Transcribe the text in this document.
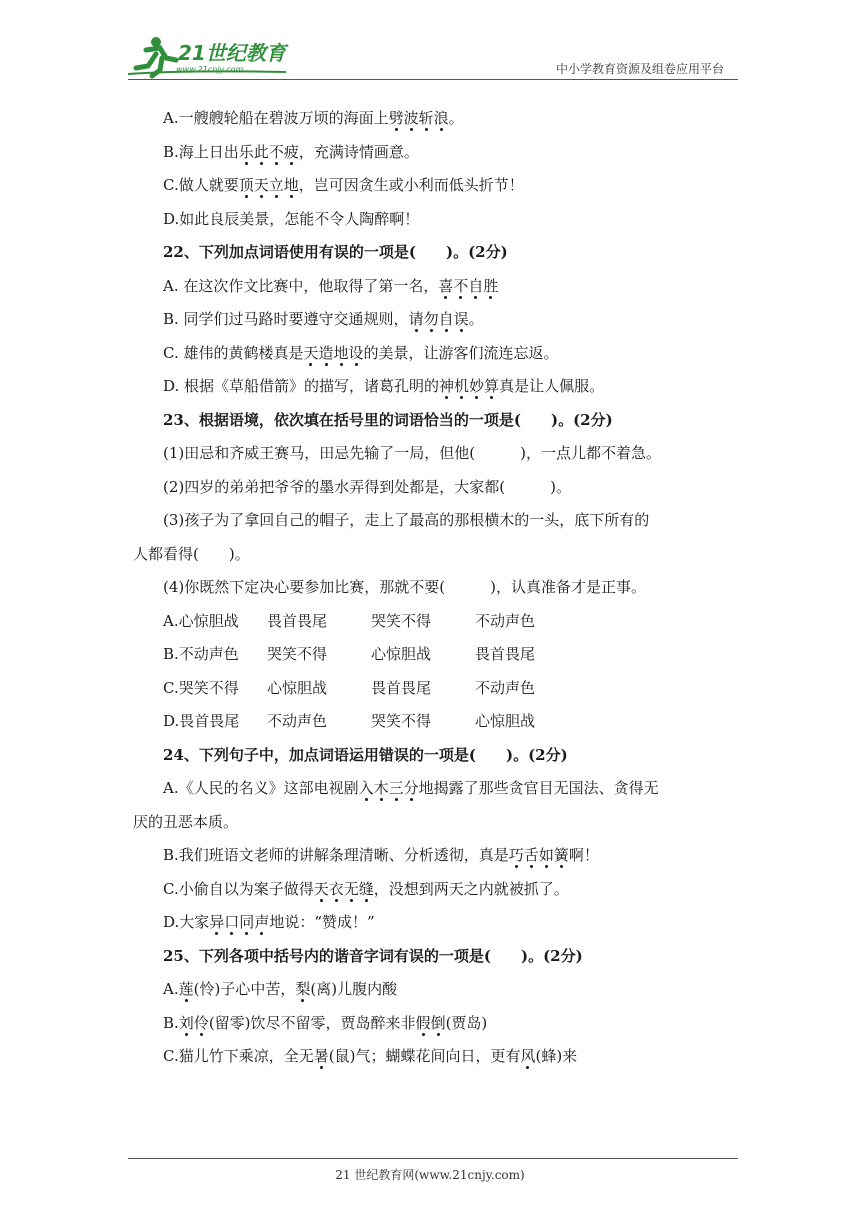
21世纪教育
www.21cnjy.com	中小学教育资源及组卷应用平台
A.一艘艘轮船在碧波万顷的海面上劈波斩浪。
B.海上日出乐此不疲，充满诗情画意。
C.做人就要顶天立地，岂可因贪生或小利而低头折节！
D.如此良辰美景，怎能不令人陶醉啊！
22、下列加点词语使用有误的一项是(　　)。(2分)
A. 在这次作文比赛中，他取得了第一名，喜不自胜
B. 同学们过马路时要遵守交通规则，请勿自误。
C. 雄伟的黄鹤楼真是天造地设的美景，让游客们流连忘返。
D. 根据《草船借箭》的描写，诸葛孔明的神机妙算真是让人佩服。
23、根据语境，依次填在括号里的词语恰当的一项是(　　)。(2分)
(1)田忌和齐威王赛马，田忌先输了一局，但他(　　　)，一点儿都不着急。
(2)四岁的弟弟把爷爷的墨水弄得到处都是，大家都(　　　)。
(3)孩子为了拿回自己的帽子，走上了最高的那根横木的一头，底下所有的
人都看得(　　)。
(4)你既然下定决心要参加比赛，那就不要(　　　)，认真准备才是正事。
A.心惊胆战	畏首畏尾	哭笑不得	不动声色
B.不动声色	哭笑不得	心惊胆战	畏首畏尾
C.哭笑不得	心惊胆战	畏首畏尾	不动声色
D.畏首畏尾	不动声色	哭笑不得	心惊胆战
24、下列句子中，加点词语运用错误的一项是(　　)。(2分)
A.《人民的名义》这部电视剧入木三分地揭露了那些贪官目无国法、贪得无
厌的丑恶本质。
B.我们班语文老师的讲解条理清晰、分析透彻，真是巧舌如簧啊！
C.小偷自以为案子做得天衣无缝，没想到两天之内就被抓了。
D.大家异口同声地说：“赞成！”
25、下列各项中括号内的谐音字词有误的一项是(　　)。(2分)
A.莲(怜)子心中苦，梨(离)儿腹内酸
B.刘伶(留零)饮尽不留零，贾岛醉来非假倒(贾岛)
C.猫儿竹下乘凉，全无暑(鼠)气；蝴蝶花间向日，更有风(蜂)来
21 世纪教育网(www.21cnjy.com)
